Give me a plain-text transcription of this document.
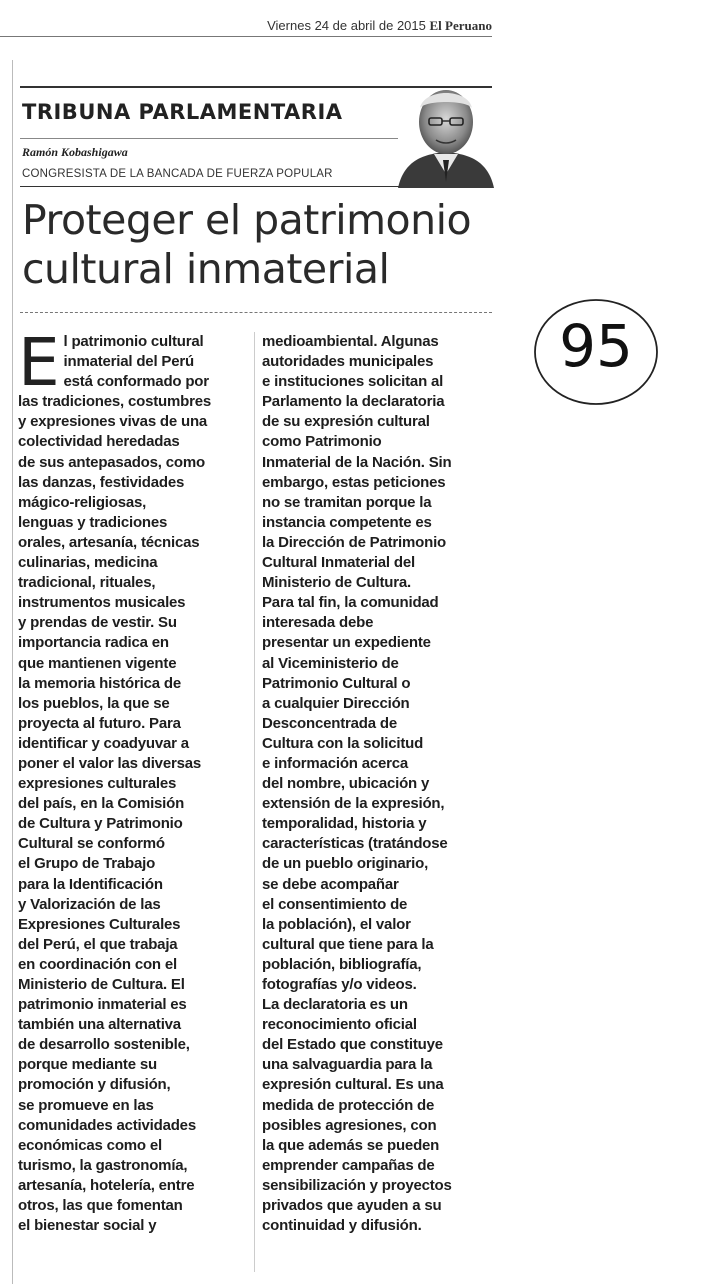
Viernes 24 de abril de 2015 El Peruano
TRIBUNA PARLAMENTARIA
Ramón Kobashigawa
CONGRESISTA DE LA BANCADA DE FUERZA POPULAR
Proteger el patrimonio
cultural inmaterial
E l patrimonio cultural
inmaterial del Perú
está conformado por
las tradiciones, costumbres
y expresiones vivas de una
colectividad heredadas
de sus antepasados, como
las danzas, festividades
mágico-religiosas,
lenguas y tradiciones
orales, artesanía, técnicas
culinarias, medicina
tradicional, rituales,
instrumentos musicales
y prendas de vestir. Su
importancia radica en
que mantienen vigente
la memoria histórica de
los pueblos, la que se
proyecta al futuro. Para
identificar y coadyuvar a
poner el valor las diversas
expresiones culturales
del país, en la Comisión
de Cultura y Patrimonio
Cultural se conformó
el Grupo de Trabajo
para la Identificación
y Valorización de las
Expresiones Culturales
del Perú, el que trabaja
en coordinación con el
Ministerio de Cultura. El
patrimonio inmaterial es
también una alternativa
de desarrollo sostenible,
porque mediante su
promoción y difusión,
se promueve en las
comunidades actividades
económicas como el
turismo, la gastronomía,
artesanía, hotelería, entre
otros, las que fomentan
el bienestar social y
medioambiental. Algunas
autoridades municipales
e instituciones solicitan al
Parlamento la declaratoria
de su expresión cultural
como Patrimonio
Inmaterial de la Nación. Sin
embargo, estas peticiones
no se tramitan porque la
instancia competente es
la Dirección de Patrimonio
Cultural Inmaterial del
Ministerio de Cultura.
Para tal fin, la comunidad
interesada debe
presentar un expediente
al Viceministerio de
Patrimonio Cultural o
a cualquier Dirección
Desconcentrada de
Cultura con la solicitud
e información acerca
del nombre, ubicación y
extensión de la expresión,
temporalidad, historia y
características (tratándose
de un pueblo originario,
se debe acompañar
el consentimiento de
la población), el valor
cultural que tiene para la
población, bibliografía,
fotografías y/o videos.
La declaratoria es un
reconocimiento oficial
del Estado que constituye
una salvaguardia para la
expresión cultural. Es una
medida de protección de
posibles agresiones, con
la que además se pueden
emprender campañas de
sensibilización y proyectos
privados que ayuden a su
continuidad y difusión.
95
